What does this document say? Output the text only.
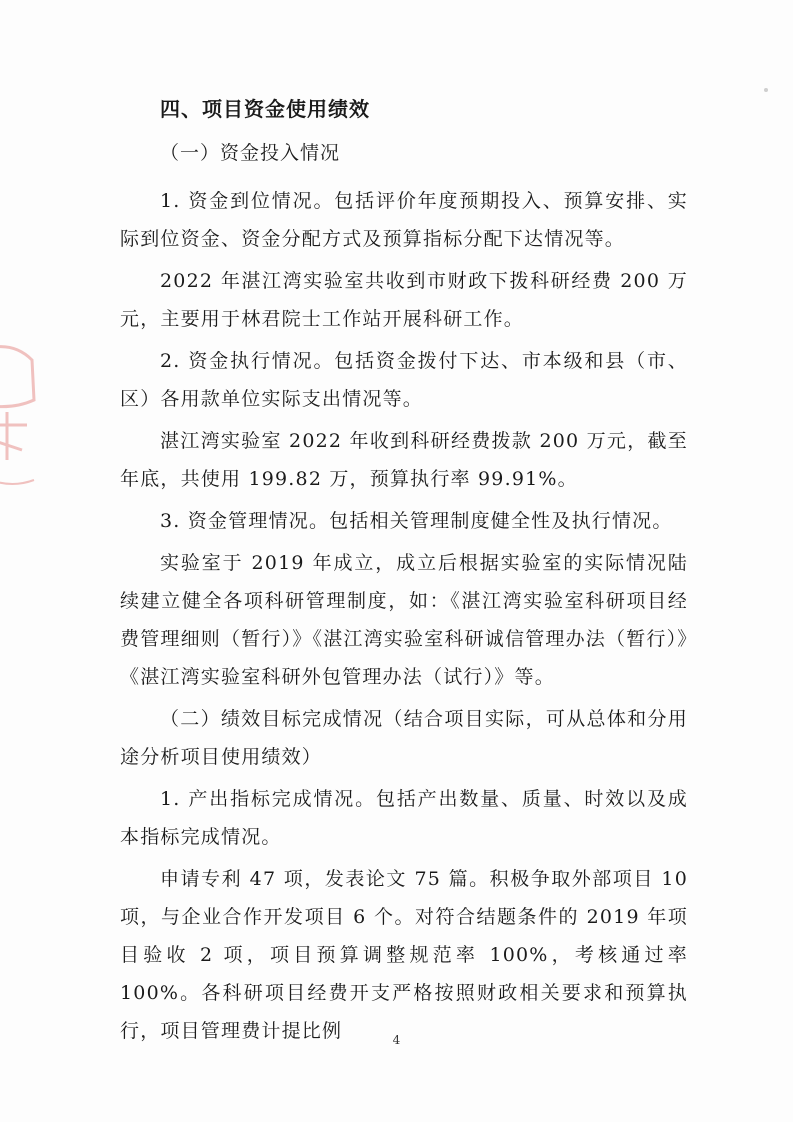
四、项目资金使用绩效

（一）资金投入情况

1. 资金到位情况。包括评价年度预期投入、预算安排、实际到位资金、资金分配方式及预算指标分配下达情况等。

2022 年湛江湾实验室共收到市财政下拨科研经费 200 万元，主要用于林君院士工作站开展科研工作。

2. 资金执行情况。包括资金拨付下达、市本级和县（市、区）各用款单位实际支出情况等。

湛江湾实验室 2022 年收到科研经费拨款 200 万元，截至年底，共使用 199.82 万，预算执行率 99.91%。

3. 资金管理情况。包括相关管理制度健全性及执行情况。

实验室于 2019 年成立，成立后根据实验室的实际情况陆续建立健全各项科研管理制度，如：《湛江湾实验室科研项目经费管理细则（暂行）》《湛江湾实验室科研诚信管理办法（暂行）》《湛江湾实验室科研外包管理办法（试行）》等。

（二）绩效目标完成情况（结合项目实际，可从总体和分用途分析项目使用绩效）

1. 产出指标完成情况。包括产出数量、质量、时效以及成本指标完成情况。

申请专利 47 项，发表论文 75 篇。积极争取外部项目 10 项，与企业合作开发项目 6 个。对符合结题条件的 2019 年项目验收 2 项，项目预算调整规范率 100%，考核通过率 100%。各科研项目经费开支严格按照财政相关要求和预算执行，项目管理费计提比例	4
